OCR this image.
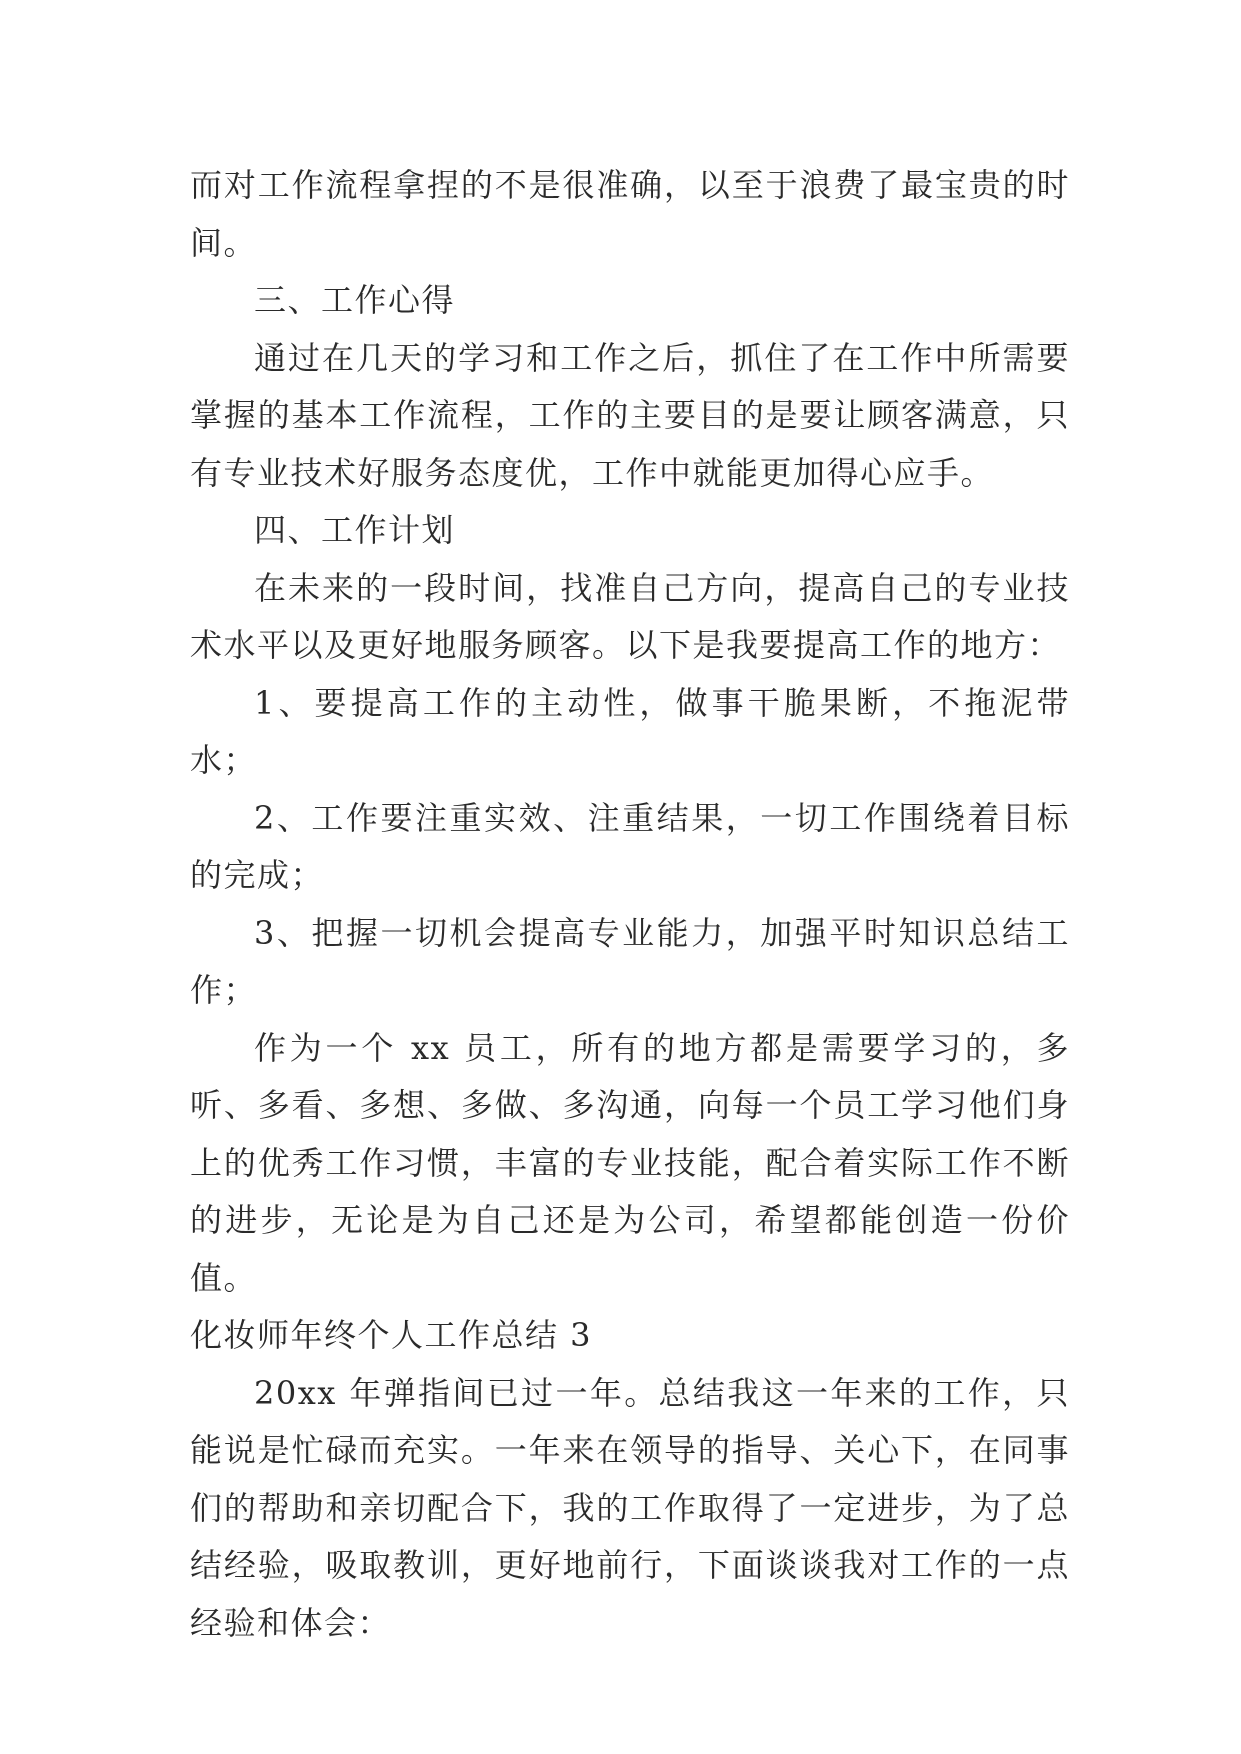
而对工作流程拿捏的不是很准确，以至于浪费了最宝贵的时间。

三、工作心得

通过在几天的学习和工作之后，抓住了在工作中所需要掌握的基本工作流程，工作的主要目的是要让顾客满意，只有专业技术好服务态度优，工作中就能更加得心应手。

四、工作计划

在未来的一段时间，找准自己方向，提高自己的专业技术水平以及更好地服务顾客。以下是我要提高工作的地方：

1、要提高工作的主动性，做事干脆果断，不拖泥带水；

2、工作要注重实效、注重结果，一切工作围绕着目标的完成；

3、把握一切机会提高专业能力，加强平时知识总结工作；

作为一个 xx 员工，所有的地方都是需要学习的，多听、多看、多想、多做、多沟通，向每一个员工学习他们身上的优秀工作习惯，丰富的专业技能，配合着实际工作不断的进步，无论是为自己还是为公司，希望都能创造一份价值。

化妆师年终个人工作总结 3

20xx 年弹指间已过一年。总结我这一年来的工作，只能说是忙碌而充实。一年来在领导的指导、关心下，在同事们的帮助和亲切配合下，我的工作取得了一定进步，为了总结经验，吸取教训，更好地前行，下面谈谈我对工作的一点经验和体会：
